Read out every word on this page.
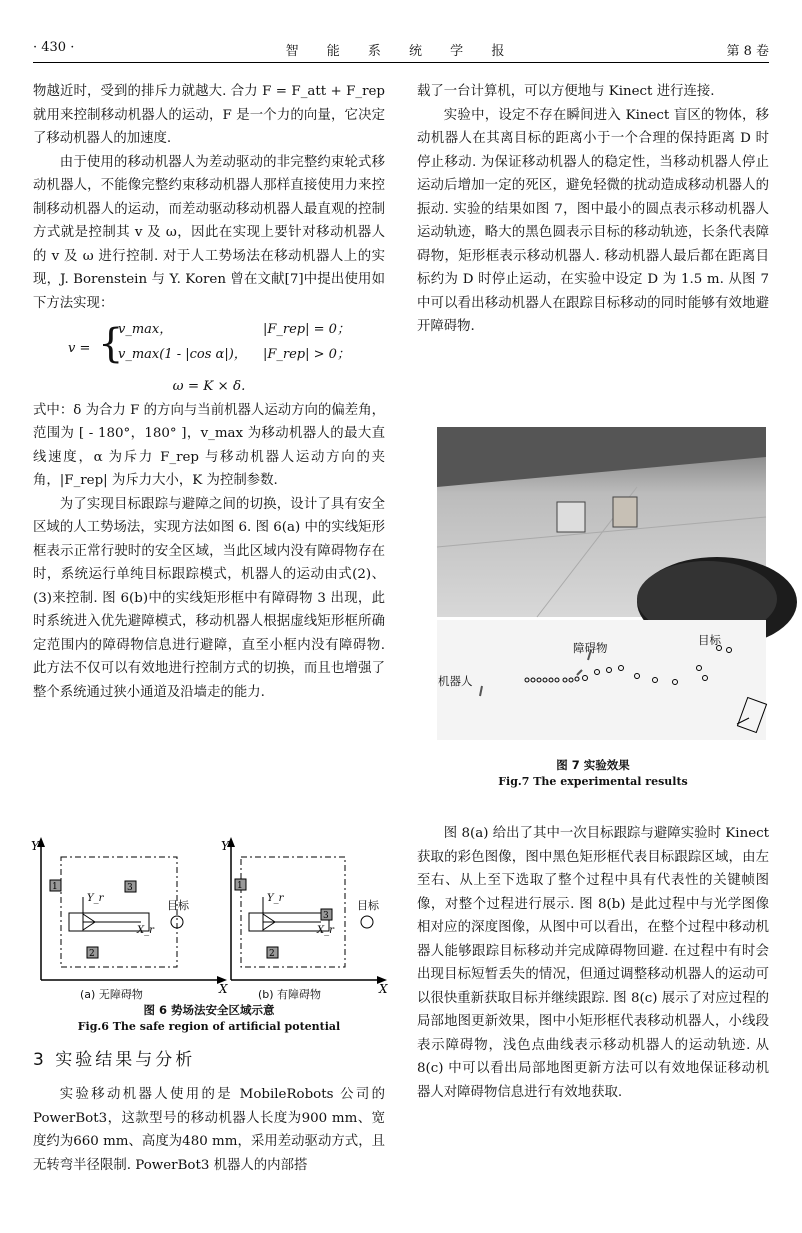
· 430 ·	智 能 系 统 学 报	第 8 卷

物越近时，受到的排斥力就越大. 合力 F = F_att + F_rep 就用来控制移动机器人的运动，F 是一个力的向量，它决定了移动机器人的加速度.

由于使用的移动机器人为差动驱动的非完整约束轮式移动机器人，不能像完整约束移动机器人那样直接使用力来控制移动机器人的运动，而差动驱动移动机器人最直观的控制方式就是控制其 v 及 ω，因此在实现上要针对移动机器人的 v 及 ω 进行控制. 对于人工势场法在移动机器人上的实现，J. Borenstein 与 Y. Koren 曾在文献[7]中提出使用如下方法实现：

v = {
v_max，	|F_rep| = 0；
v_max(1 - |cos α|)， |F_rep| > 0；

ω = K × δ.

式中：δ 为合力 F 的方向与当前机器人运动方向的偏差角，范围为 [ - 180°，180° ]，v_max 为移动机器人的最大直线速度，α 为斥力 F_rep 与移动机器人运动方向的夹角，|F_rep| 为斥力大小，K 为控制参数.

为了实现目标跟踪与避障之间的切换，设计了具有安全区域的人工势场法，实现方法如图 6. 图 6(a) 中的实线矩形框表示正常行驶时的安全区域，当此区域内没有障碍物存在时，系统运行单纯目标跟踪模式，机器人的运动由式(2)、(3)来控制. 图 6(b)中的实线矩形框中有障碍物 3 出现，此时系统进入优先避障模式，移动机器人根据虚线矩形框所确定范围内的障碍物信息进行避障，直至小框内没有障碍物. 此方法不仅可以有效地进行控制方式的切换，而且也增强了整个系统通过狭小通道及沿墙走的能力.

Y
X
Y_r
X_r
1	3
2
目标
Y
X
Y_r
X_r
1
3
2
目标
(a) 无障碍物	(b) 有障碍物
图 6 势场法安全区域示意
Fig.6 The safe region of artificial potential
3 实验结果与分析

实验移动机器人使用的是 MobileRobots 公司的 PowerBot3，这款型号的移动机器人长度为900 mm、宽度约为660 mm、高度为480 mm，采用差动驱动方式，且无转弯半径限制. PowerBot3 机器人的内部搭

载了一台计算机，可以方便地与 Kinect 进行连接.

实验中，设定不存在瞬间进入 Kinect 盲区的物体，移动机器人在其离目标的距离小于一个合理的保持距离 D 时停止移动. 为保证移动机器人的稳定性，当移动机器人停止运动后增加一定的死区，避免轻微的扰动造成移动机器人的振动. 实验的结果如图 7，图中最小的圆点表示移动机器人运动轨迹，略大的黑色圆表示目标的移动轨迹，长条代表障碍物，矩形框表示移动机器人. 移动机器人最后都在距离目标约为 D 时停止运动，在实验中设定 D 为 1.5 m. 从图 7 中可以看出移动机器人在跟踪目标移动的同时能够有效地避开障碍物.

障碍物
目标
机器人
图 7 实验效果
Fig.7 The experimental results

图 8(a) 给出了其中一次目标跟踪与避障实验时 Kinect 获取的彩色图像，图中黑色矩形框代表目标跟踪区域，由左至右、从上至下选取了整个过程中具有代表性的关键帧图像，对整个过程进行展示. 图 8(b) 是此过程中与光学图像相对应的深度图像，从图中可以看出，在整个过程中移动机器人能够跟踪目标移动并完成障碍物回避. 在过程中有时会出现目标短暂丢失的情况，但通过调整移动机器人的运动可以很快重新获取目标并继续跟踪. 图 8(c) 展示了对应过程的局部地图更新效果，图中小矩形框代表移动机器人，小线段表示障碍物，浅色点曲线表示移动机器人的运动轨迹. 从 8(c) 中可以看出局部地图更新方法可以有效地保证移动机器人对障碍物信息进行有效地获取.
